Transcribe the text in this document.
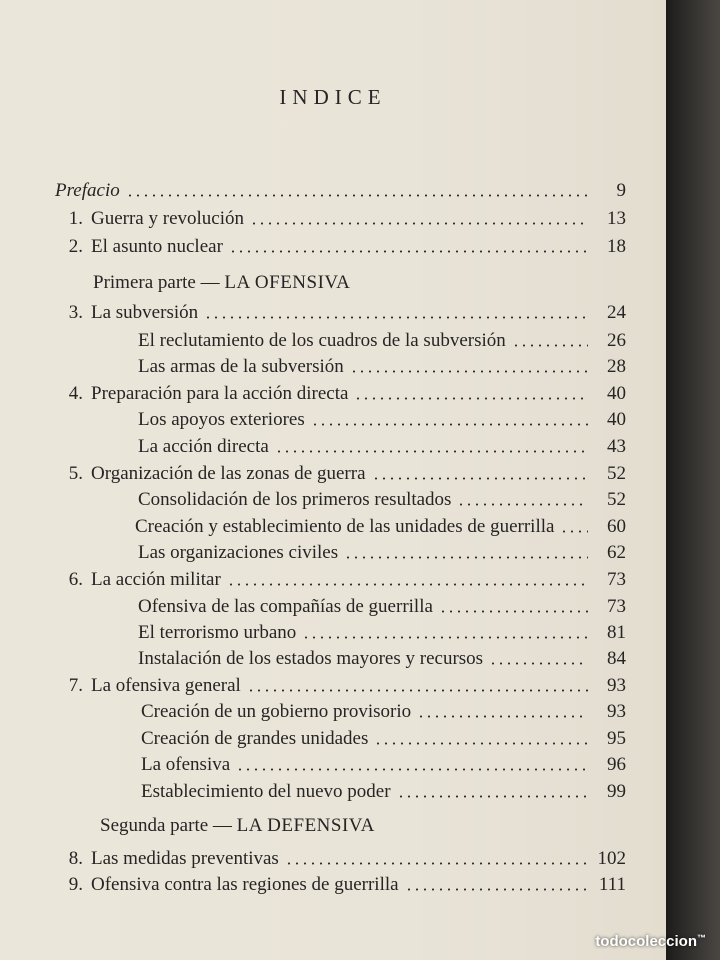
INDICE
Prefacio	9
1. Guerra y revolución	13
2. El asunto nuclear	18
Primera parte — LA OFENSIVA
3. La subversión	24
El reclutamiento de los cuadros de la subversión	26
Las armas de la subversión	28
4. Preparación para la acción directa	40
Los apoyos exteriores	40
La acción directa	43
5. Organización de las zonas de guerra	52
Consolidación de los primeros resultados	52
Creación y establecimiento de las unidades de guerrilla	60
Las organizaciones civiles	62
6. La acción militar	73
Ofensiva de las compañías de guerrilla	73
El terrorismo urbano	81
Instalación de los estados mayores y recursos	84
7. La ofensiva general	93
Creación de un gobierno provisorio	93
Creación de grandes unidades	95
La ofensiva	96
Establecimiento del nuevo poder	99
Segunda parte — LA DEFENSIVA
8. Las medidas preventivas	102
9. Ofensiva contra las regiones de guerrilla	111
todocoleccion™
